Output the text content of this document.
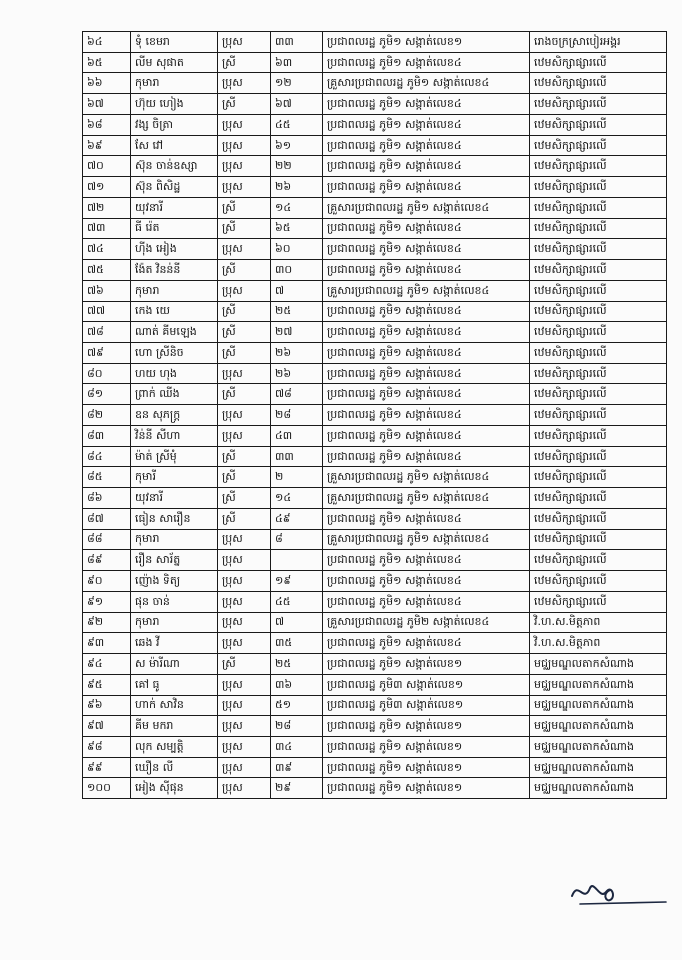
៦៤	ទុំ ខេមរា	ប្រុស	៣៣	ប្រជាពលរដ្ឋ ភូមិ១ សង្កាត់លេខ១	រោងចក្រស្រាបៀរអង្គរ
៦៥	លីម សុផាត	ស្រី	៦៣	ប្រជាពលរដ្ឋ ភូមិ១ សង្កាត់លេខ៤	ឋេមសិក្សាផ្សារលើ
៦៦	កុមារា	ប្រុស	១២	គ្រួសារប្រជាពលរដ្ឋ ភូមិ១ សង្កាត់លេខ៤	ឋេមសិក្សាផ្សារលើ
៦៧	ហ៊ុយ ហៀង	ស្រី	៦៧	ប្រជាពលរដ្ឋ ភូមិ១ សង្កាត់លេខ៤	ឋេមសិក្សាផ្សារលើ
៦៨	វង្ស ចិត្រា	ប្រុស	៤៥	ប្រជាពលរដ្ឋ ភូមិ១ សង្កាត់លេខ៤	ឋេមសិក្សាផ្សារលើ
៦៩	សែ វៅ	ប្រុស	៦១	ប្រជាពលរដ្ឋ ភូមិ១ សង្កាត់លេខ៤	ឋេមសិក្សាផ្សារលើ
៧០	ស៊ុន ចាន់ឧស្សា	ប្រុស	២២	ប្រជាពលរដ្ឋ ភូមិ១ សង្កាត់លេខ៤	ឋេមសិក្សាផ្សារលើ
៧១	ស៊ុន ពិសិដ្ឋ	ប្រុស	២៦	ប្រជាពលរដ្ឋ ភូមិ១ សង្កាត់លេខ៤	ឋេមសិក្សាផ្សារលើ
៧២	យុវនារី	ស្រី	១៤	គ្រួសារប្រជាពលរដ្ឋ ភូមិ១ សង្កាត់លេខ៤	ឋេមសិក្សាផ្សារលើ
៧៣	ធី រ៉េត	ស្រី	៦៥	ប្រជាពលរដ្ឋ ភូមិ១ សង្កាត់លេខ៤	ឋេមសិក្សាផ្សារលើ
៧៤	ហ៊ីង អៀង	ប្រុស	៦០	ប្រជាពលរដ្ឋ ភូមិ១ សង្កាត់លេខ៤	ឋេមសិក្សាផ្សារលើ
៧៥	ង៉ែត វិនន់នី	ស្រី	៣០	ប្រជាពលរដ្ឋ ភូមិ១ សង្កាត់លេខ៤	ឋេមសិក្សាផ្សារលើ
៧៦	កុមារា	ប្រុស	៧	គ្រួសារប្រជាពលរដ្ឋ ភូមិ១ សង្កាត់លេខ៤	ឋេមសិក្សាផ្សារលើ
៧៧	កេង យេ	ស្រី	២៥	ប្រជាពលរដ្ឋ ភូមិ១ សង្កាត់លេខ៤	ឋេមសិក្សាផ្សារលើ
៧៨	ណាត់ គីមឡេង	ស្រី	២៧	ប្រជាពលរដ្ឋ ភូមិ១ សង្កាត់លេខ៤	ឋេមសិក្សាផ្សារលើ
៧៩	ហោ ស្រីនិច	ស្រី	២៦	ប្រជាពលរដ្ឋ ភូមិ១ សង្កាត់លេខ៤	ឋេមសិក្សាផ្សារលើ
៨០	ហយ ហុង	ប្រុស	២៦	ប្រជាពលរដ្ឋ ភូមិ១ សង្កាត់លេខ៤	ឋេមសិក្សាផ្សារលើ
៨១	ព្រាក់ ឈីង	ស្រី	៧៨	ប្រជាពលរដ្ឋ ភូមិ១ សង្កាត់លេខ៤	ឋេមសិក្សាផ្សារលើ
៨២	ឧន សុភក្រ្ត	ប្រុស	២៨	ប្រជាពលរដ្ឋ ភូមិ១ សង្កាត់លេខ៤	ឋេមសិក្សាផ្សារលើ
៨៣	វិន់នី សីហា	ប្រុស	៤៣	ប្រជាពលរដ្ឋ ភូមិ១ សង្កាត់លេខ៤	ឋេមសិក្សាផ្សារលើ
៨៤	ម៉ាត់ ស្រីមុំ	ស្រី	៣៣	ប្រជាពលរដ្ឋ ភូមិ១ សង្កាត់លេខ៤	ឋេមសិក្សាផ្សារលើ
៨៥	កុមារី	ស្រី	២	គ្រួសារប្រជាពលរដ្ឋ ភូមិ១ សង្កាត់លេខ៤	ឋេមសិក្សាផ្សារលើ
៨៦	យុវនារី	ស្រី	១៤	គ្រួសារប្រជាពលរដ្ឋ ភូមិ១ សង្កាត់លេខ៤	ឋេមសិក្សាផ្សារលើ
៨៧	ធៀន សារឿន	ស្រី	៤៩	ប្រជាពលរដ្ឋ ភូមិ១ សង្កាត់លេខ៤	ឋេមសិក្សាផ្សារលើ
៨៨	កុមារា	ប្រុស	៨	គ្រួសារប្រជាពលរដ្ឋ ភូមិ១ សង្កាត់លេខ៤	ឋេមសិក្សាផ្សារលើ
៨៩	រឿន សារ័ត្ន	ប្រុស		ប្រជាពលរដ្ឋ ភូមិ១ សង្កាត់លេខ៤	ឋេមសិក្សាផ្សារលើ
៩០	ញ៉ោង ទិត្យ	ប្រុស	១៩	ប្រជាពលរដ្ឋ ភូមិ១ សង្កាត់លេខ៤	ឋេមសិក្សាផ្សារលើ
៩១	ផុន ចាន់	ប្រុស	៤៥	ប្រជាពលរដ្ឋ ភូមិ១ សង្កាត់លេខ៤	ឋេមសិក្សាផ្សារលើ
៩២	កុមារា	ប្រុស	៧	គ្រួសារប្រជាពលរដ្ឋ ភូមិ២ សង្កាត់លេខ៤	វិ.ហ.ស.មិត្តភាព
៩៣	ឆេង វី	ប្រុស	៣៥	ប្រជាពលរដ្ឋ ភូមិ១ សង្កាត់លេខ៤	វិ.ហ.ស.មិត្តភាព
៩៤	ស ម៉ារីណា	ស្រី	២៥	ប្រជាពលរដ្ឋ ភូមិ១ សង្កាត់លេខ១	មជ្ឈមណ្ឌលតាកសំណាង
៩៥	គៅ ធូ	ប្រុស	៣៦	ប្រជាពលរដ្ឋ ភូមិ៣ សង្កាត់លេខ១	មជ្ឈមណ្ឌលតាកសំណាង
៩៦	ហាក់ សាវិន	ប្រុស	៥១	ប្រជាពលរដ្ឋ ភូមិ៣ សង្កាត់លេខ១	មជ្ឈមណ្ឌលតាកសំណាង
៩៧	គីម មករា	ប្រុស	២៨	ប្រជាពលរដ្ឋ ភូមិ១ សង្កាត់លេខ១	មជ្ឈមណ្ឌលតាកសំណាង
៩៨	លុក សម្បត្តិ	ប្រុស	៣៤	ប្រជាពលរដ្ឋ ភូមិ១ សង្កាត់លេខ១	មជ្ឈមណ្ឌលតាកសំណាង
៩៩	ឃឿន លី	ប្រុស	៣៩	ប្រជាពលរដ្ឋ ភូមិ១ សង្កាត់លេខ១	មជ្ឈមណ្ឌលតាកសំណាង
១០០	អៀង ស៊ីផុន	ប្រុស	២៩	ប្រជាពលរដ្ឋ ភូមិ១ សង្កាត់លេខ១	មជ្ឈមណ្ឌលតាកសំណាង
